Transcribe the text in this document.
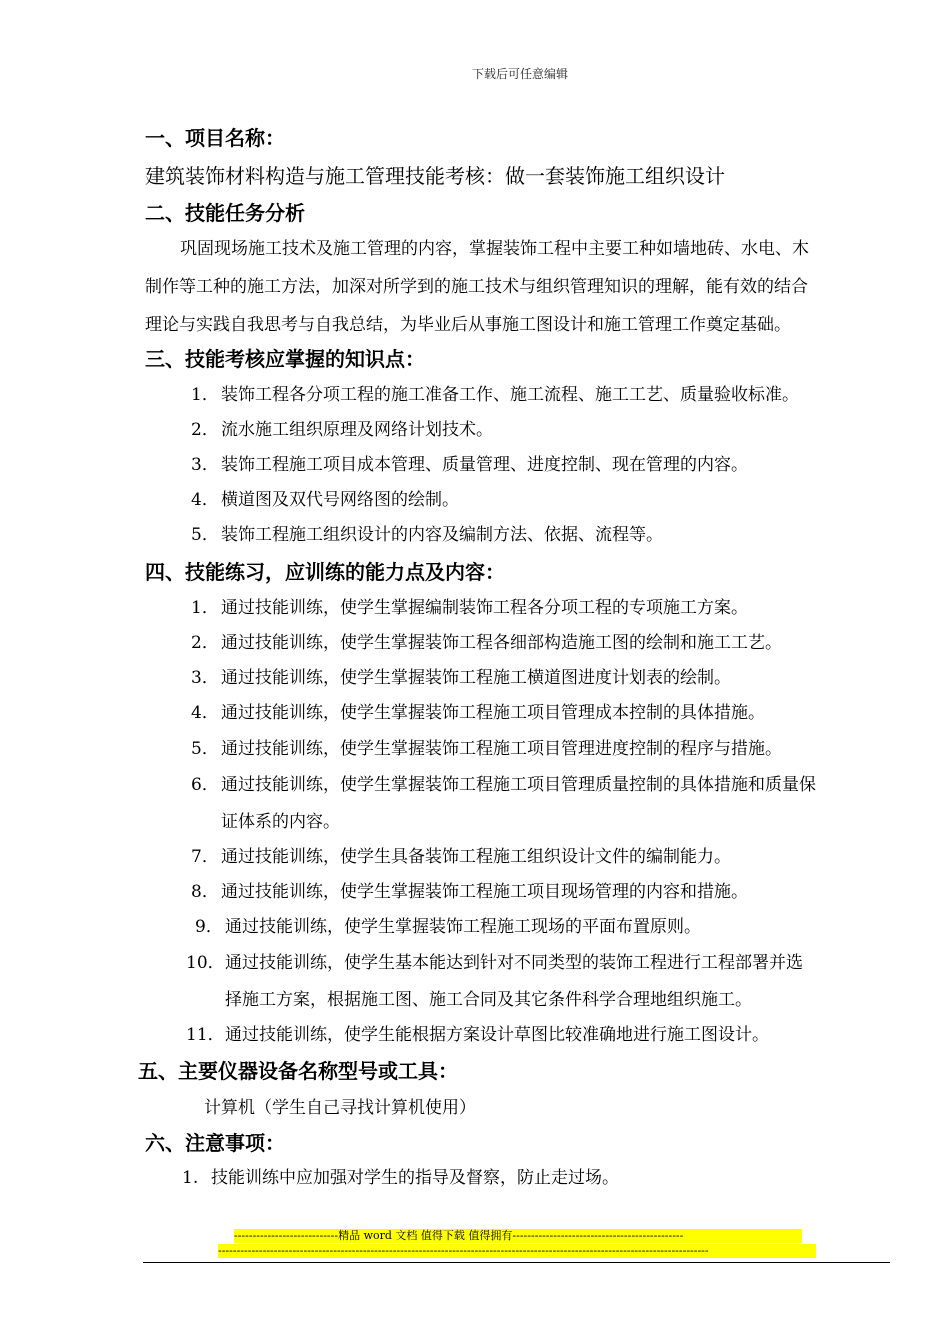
下载后可任意编辑
一、项目名称：
建筑装饰材料构造与施工管理技能考核：做一套装饰施工组织设计
二、技能任务分析
巩固现场施工技术及施工管理的内容，掌握装饰工程中主要工种如墙地砖、水电、木
制作等工种的施工方法，加深对所学到的施工技术与组织管理知识的理解，能有效的结合
理论与实践自我思考与自我总结，为毕业后从事施工图设计和施工管理工作奠定基础。
三、技能考核应掌握的知识点：
1． 装饰工程各分项工程的施工准备工作、施工流程、施工工艺、质量验收标准。
2． 流水施工组织原理及网络计划技术。
3． 装饰工程施工项目成本管理、质量管理、进度控制、现在管理的内容。
4． 横道图及双代号网络图的绘制。
5． 装饰工程施工组织设计的内容及编制方法、依据、流程等。
四、技能练习，应训练的能力点及内容：
1． 通过技能训练，使学生掌握编制装饰工程各分项工程的专项施工方案。
2． 通过技能训练，使学生掌握装饰工程各细部构造施工图的绘制和施工工艺。
3． 通过技能训练，使学生掌握装饰工程施工横道图进度计划表的绘制。
4． 通过技能训练，使学生掌握装饰工程施工项目管理成本控制的具体措施。
5． 通过技能训练，使学生掌握装饰工程施工项目管理进度控制的程序与措施。
6． 通过技能训练，使学生掌握装饰工程施工项目管理质量控制的具体措施和质量保
证体系的内容。
7． 通过技能训练，使学生具备装饰工程施工组织设计文件的编制能力。
8． 通过技能训练，使学生掌握装饰工程施工项目现场管理的内容和措施。
9． 通过技能训练，使学生掌握装饰工程施工现场的平面布置原则。
10．通过技能训练，使学生基本能达到针对不同类型的装饰工程进行工程部署并选
择施工方案，根据施工图、施工合同及其它条件科学合理地组织施工。
11．通过技能训练，使学生能根据方案设计草图比较准确地进行施工图设计。
五、主要仪器设备名称型号或工具：
计算机（学生自己寻找计算机使用）
六、注意事项：
1. 技能训练中应加强对学生的指导及督察，防止走过场。
----------------------------精品 word 文档 值得下载 值得拥有----------------------------------------------
------------------------------------------------------------------------------------------------------------------------------------
